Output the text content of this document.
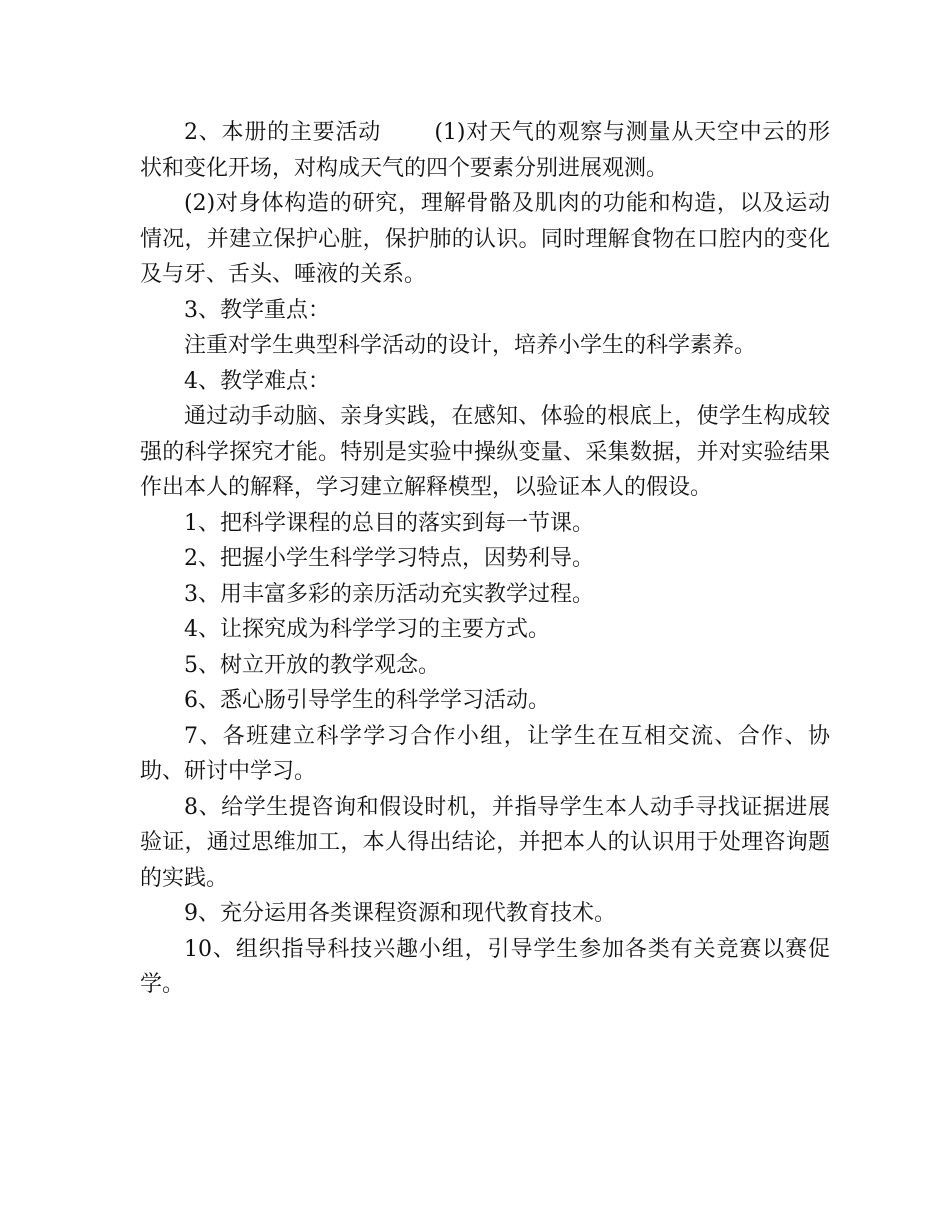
2、本册的主要活动　　 (1)对天气的观察与测量从天空中云的形状和变化开场，对构成天气的四个要素分别进展观测。

(2)对身体构造的研究，理解骨骼及肌肉的功能和构造，以及运动情况，并建立保护心脏，保护肺的认识。同时理解食物在口腔内的变化及与牙、舌头、唾液的关系。

3、教学重点：

注重对学生典型科学活动的设计，培养小学生的科学素养。

4、教学难点：

通过动手动脑、亲身实践，在感知、体验的根底上，使学生构成较强的科学探究才能。特别是实验中操纵变量、采集数据，并对实验结果作出本人的解释，学习建立解释模型，以验证本人的假设。

1、把科学课程的总目的落实到每一节课。

2、把握小学生科学学习特点，因势利导。

3、用丰富多彩的亲历活动充实教学过程。

4、让探究成为科学学习的主要方式。

5、树立开放的教学观念。

6、悉心肠引导学生的科学学习活动。

7、各班建立科学学习合作小组，让学生在互相交流、合作、协助、研讨中学习。

8、给学生提咨询和假设时机，并指导学生本人动手寻找证据进展验证，通过思维加工，本人得出结论，并把本人的认识用于处理咨询题的实践。

9、充分运用各类课程资源和现代教育技术。

10、组织指导科技兴趣小组，引导学生参加各类有关竞赛以赛促学。
